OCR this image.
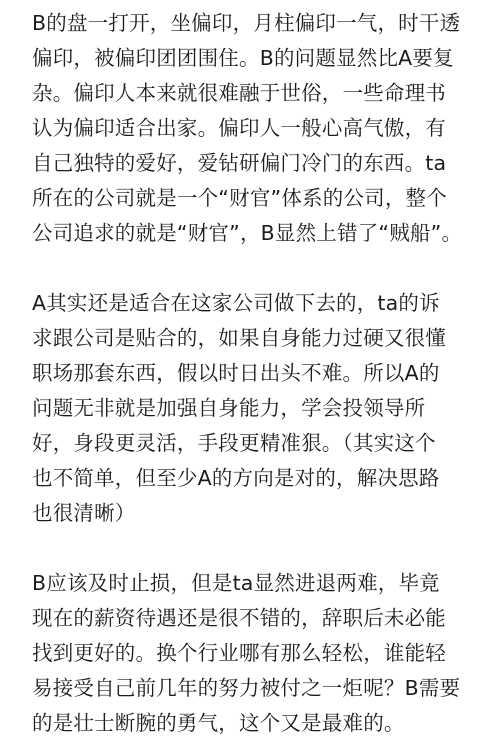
B的盘一打开，坐偏印，月柱偏印一气，时干透
偏印，被偏印团团围住。B的问题显然比A要复
杂。偏印人本来就很难融于世俗，一些命理书
认为偏印适合出家。偏印人一般心高气傲，有
自己独特的爱好，爱钻研偏门冷门的东西。ta
所在的公司就是一个“财官”体系的公司，整个
公司追求的就是“财官”，B显然上错了“贼船”。
A其实还是适合在这家公司做下去的，ta的诉
求跟公司是贴合的，如果自身能力过硬又很懂
职场那套东西，假以时日出头不难。所以A的
问题无非就是加强自身能力，学会投领导所
好，身段更灵活，手段更精准狠。（其实这个
也不简单，但至少A的方向是对的，解决思路
也很清晰）
B应该及时止损，但是ta显然进退两难，毕竟
现在的薪资待遇还是很不错的，辞职后未必能
找到更好的。换个行业哪有那么轻松，谁能轻
易接受自己前几年的努力被付之一炬呢？B需要
的是壮士断腕的勇气，这个又是最难的。
